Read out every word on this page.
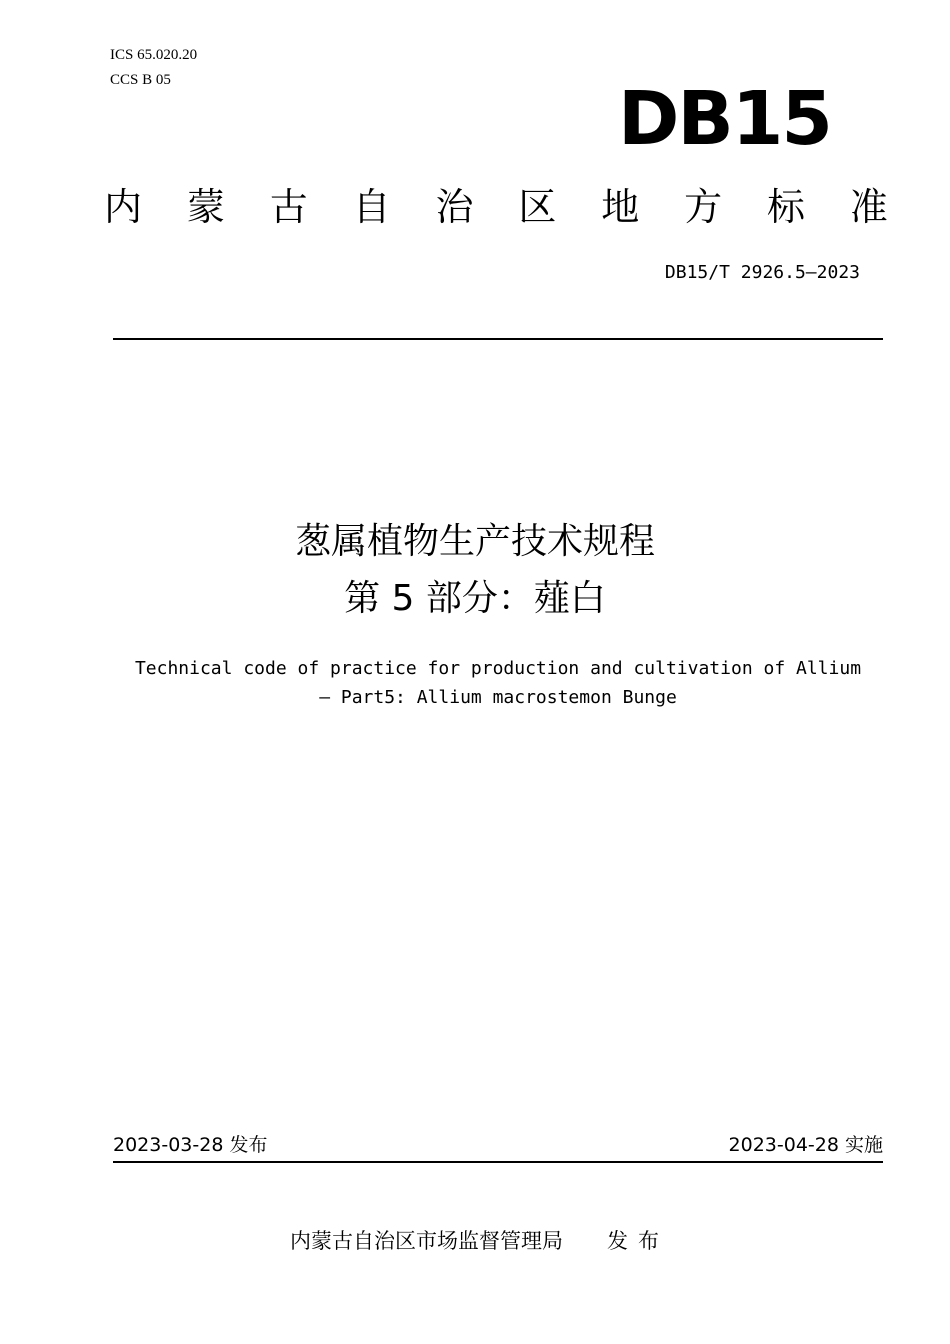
ICS 65.020.20
CCS B 05	DB15
内 蒙 古 自 治 区 地 方 标 准
DB15/T 2926.5—2023
葱属植物生产技术规程
第 5 部分：薤白
Technical code of practice for production and cultivation of Allium
— Part5: Allium macrostemon Bunge
2023-03-28 发布	2023-04-28 实施
内蒙古自治区市场监督管理局 发布
